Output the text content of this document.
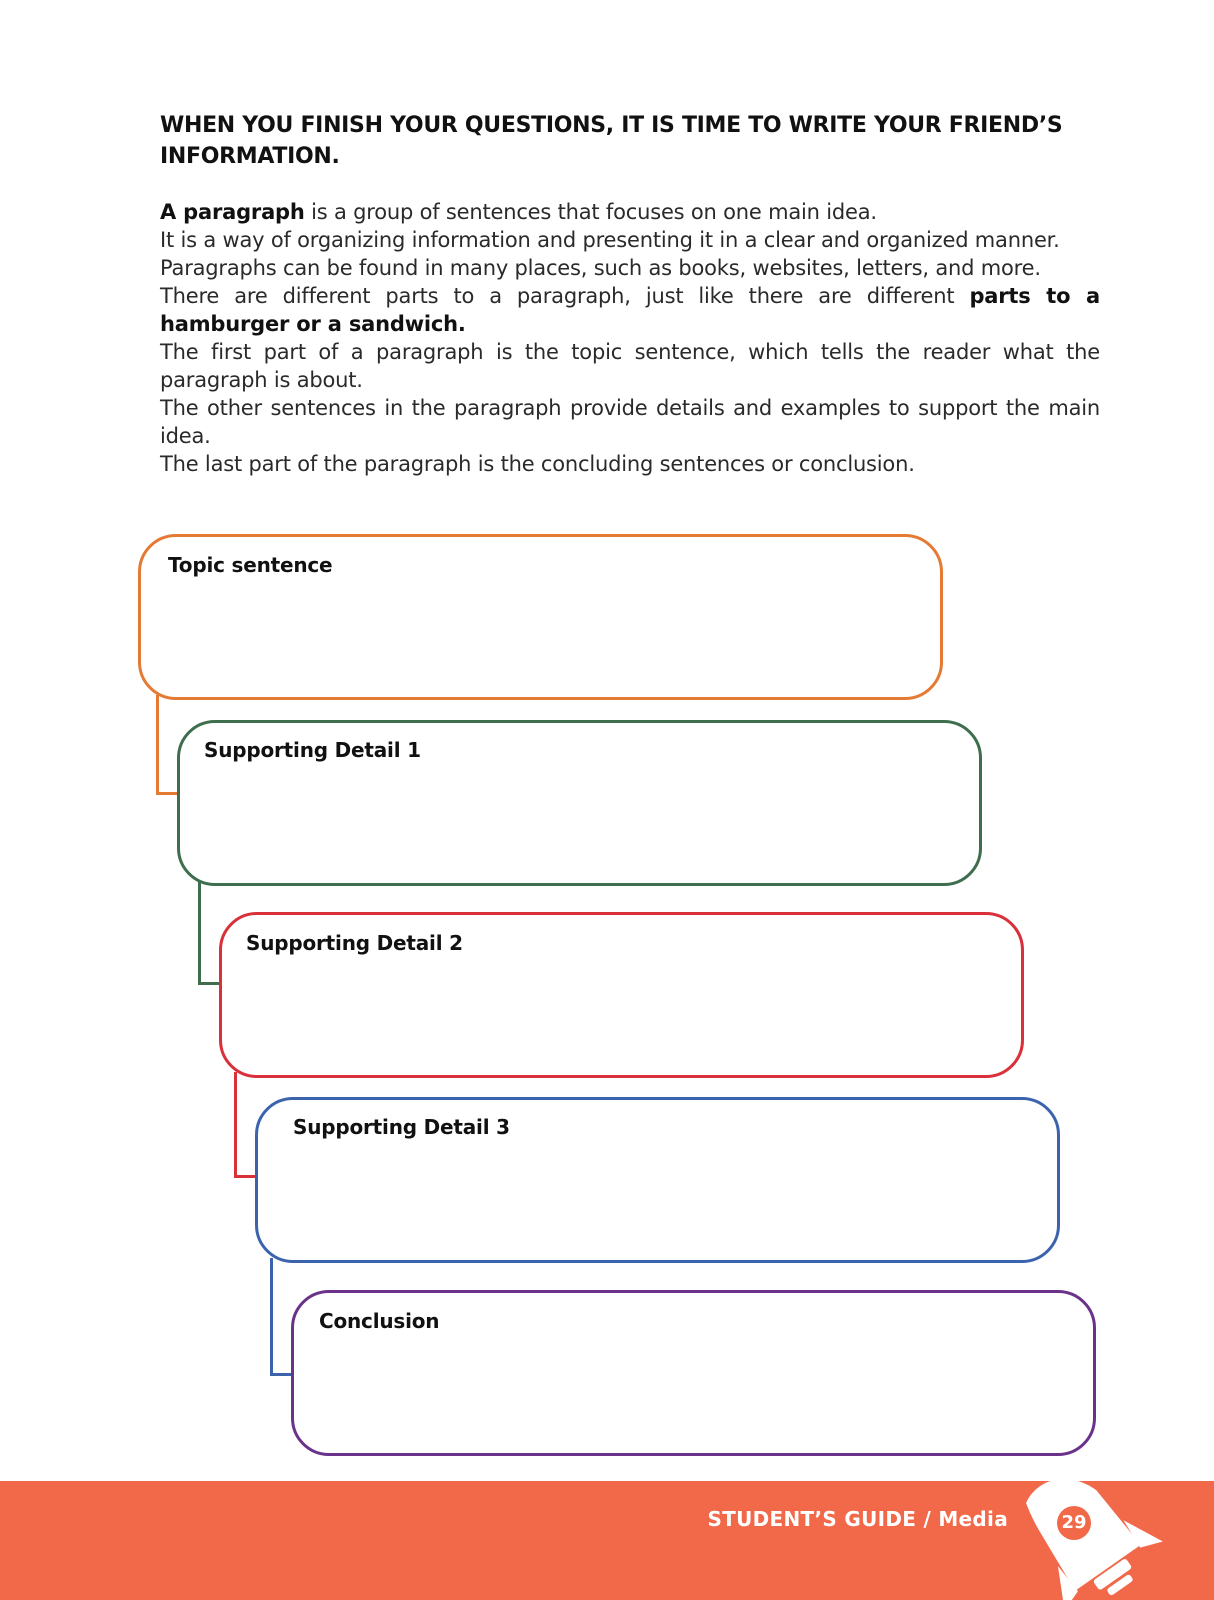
WHEN YOU FINISH YOUR QUESTIONS, IT IS TIME TO WRITE YOUR FRIEND’S INFORMATION.

A paragraph is a group of sentences that focuses on one main idea.

It is a way of organizing information and presenting it in a clear and organized manner.

Paragraphs can be found in many places, such as books, websites, letters, and more.

There are different parts to a paragraph, just like there are different parts to a hamburger or a sandwich.

The first part of a paragraph is the topic sentence, which tells the reader what the paragraph is about.

The other sentences in the paragraph provide details and examples to support the main idea.

The last part of the paragraph is the concluding sentences or conclusion.

Topic sentence
Supporting Detail 1
Supporting Detail 2
Supporting Detail 3
Conclusion
STUDENT’S GUIDE / Media	29
